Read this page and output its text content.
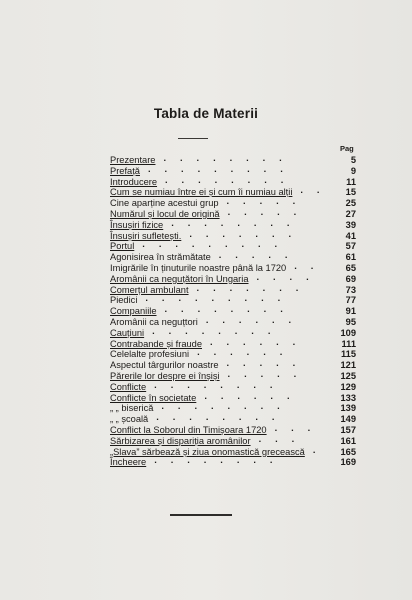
Tabla de Materii
Pag
Prezentare	5
.  .  .  .  .  .  .  .
Prefață	9
.  .  .  .  .  .  .  .  .
Introducere	11
.  .  .  .  .  .  .  .
Cum se numiau între ei și cum îi numiau alții	15
.  .
Cine aparține acestui grup	25
.  .  .  .  .
Numărul și locul de origină	27
.  .  .  .  .
Însușiri fizice	39
.  .  .  .  .  .  .  .
Însușiri sufletești.	41
.  .  .  .  .  .  .
Portul	57
.  .  .  .  .  .  .  .  .
Agonisirea în strămătate	61
.  .  .  .  .
Imigrările în ținuturile noastre până la 1720	65
.  .
Aromânii ca neguțători în Ungaria	69
.  .  .  .
Comerțul ambulant	73
.  .  .  .  .  .  .
Piedici	77
.  .  .  .  .  .  .  .  .
Companiile	91
.  .  .  .  .  .  .  .
Aromânii ca neguțtori	95
.  .  .  .  .  .
Cauțiuni	109
.  .  .  .  .  .  .  .
Contrabande și fraude	111
.  .  .  .  .  .
Celelalte profesiuni	115
.  .  .  .  .  .
Aspectul târgurilor noastre	121
.  .  .  .  .
Părerile lor despre ei înșiși	125
.  .  .  .  .
Conflicte	129
.  .  .  .  .  .  .  .
Conflicte în societate	133
.  .  .  .  .  .
„ „ biserică	139
.  .  .  .  .  .  .  .
„ „ școală	149
.  .  .  .  .  .  .  .
Conflict la Soborul din Timișoara 1720	157
.  .  .
Sărbizarea și dispariția aromânilor	161
.  .  .
„Slava” sărbează și ziua onomastică grecească	165
.
Încheere	169
.  .  .  .  .  .  .  .
